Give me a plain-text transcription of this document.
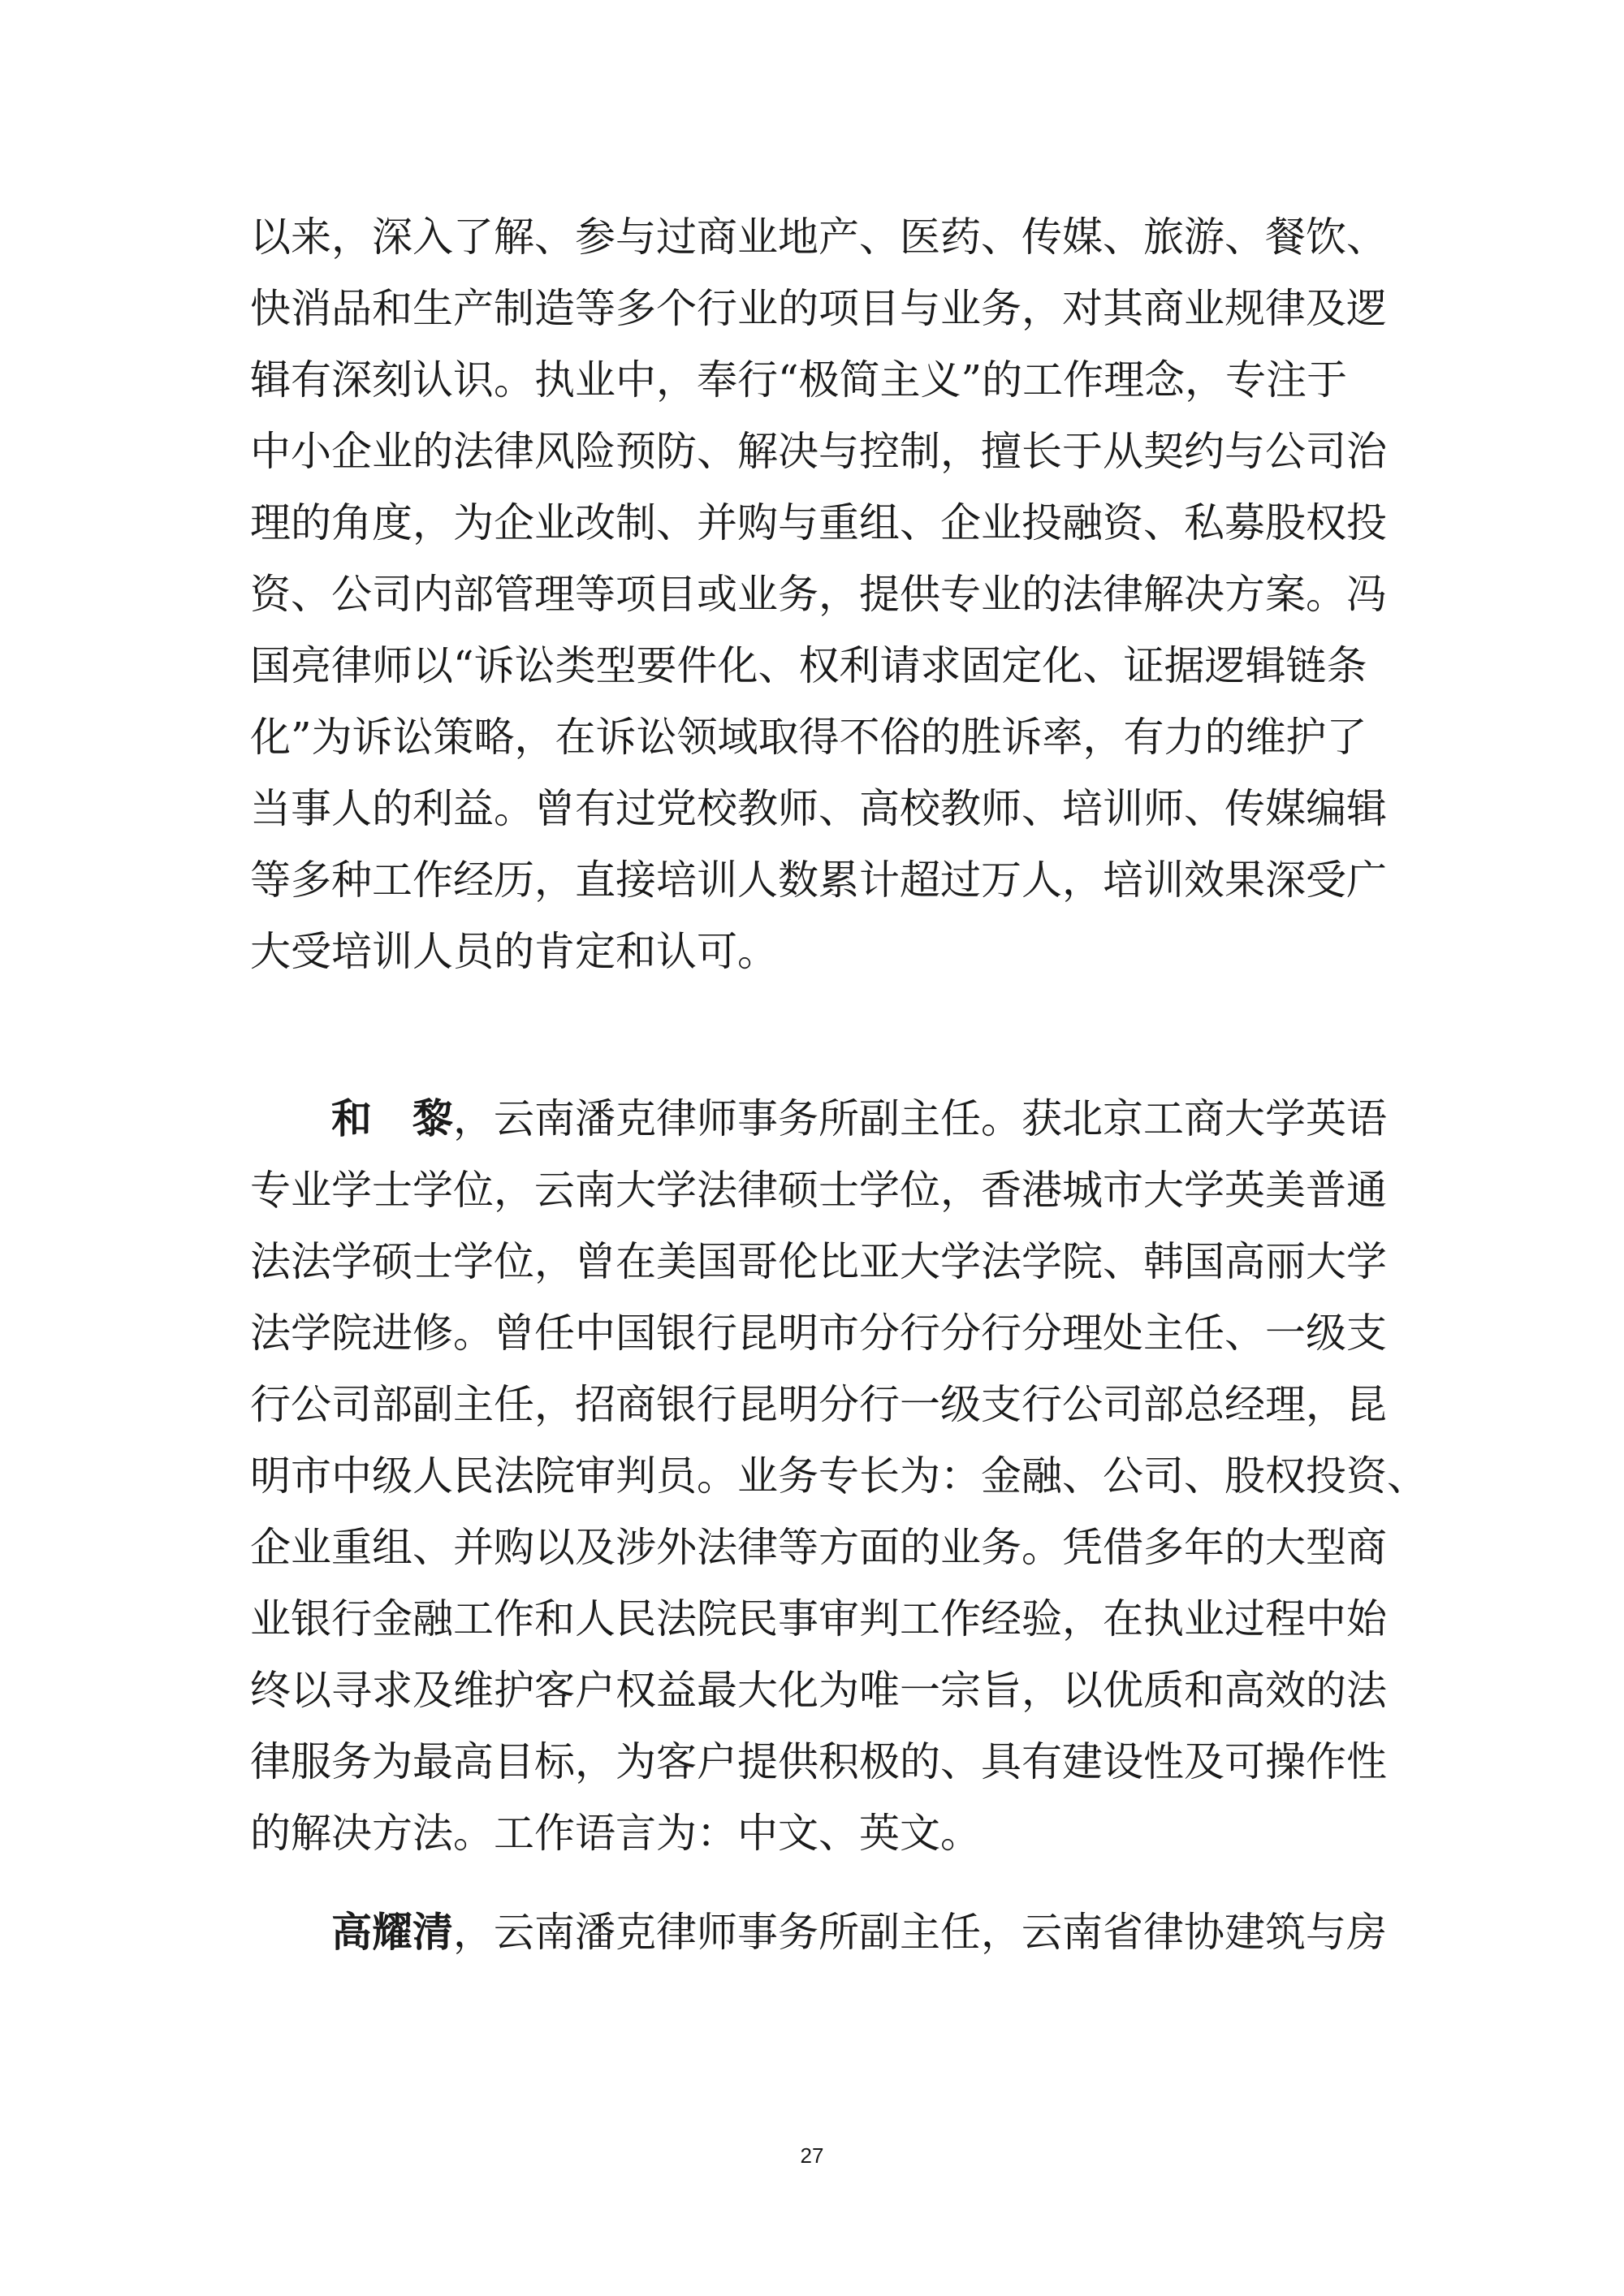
以来，深入了解、参与过商业地产、医药、传媒、旅游、餐饮、
快消品和生产制造等多个行业的项目与业务，对其商业规律及逻
辑有深刻认识。执业中，奉行“极简主义”的工作理念，专注于
中小企业的法律风险预防、解决与控制，擅长于从契约与公司治
理的角度，为企业改制、并购与重组、企业投融资、私募股权投
资、公司内部管理等项目或业务，提供专业的法律解决方案。冯
国亮律师以“诉讼类型要件化、权利请求固定化、证据逻辑链条
化”为诉讼策略，在诉讼领域取得不俗的胜诉率，有力的维护了
当事人的利益。曾有过党校教师、高校教师、培训师、传媒编辑
等多种工作经历，直接培训人数累计超过万人，培训效果深受广
大受培训人员的肯定和认可。
和　黎，云南潘克律师事务所副主任。获北京工商大学英语
专业学士学位，云南大学法律硕士学位，香港城市大学英美普通
法法学硕士学位，曾在美国哥伦比亚大学法学院、韩国高丽大学
法学院进修。曾任中国银行昆明市分行分行分理处主任、一级支
行公司部副主任，招商银行昆明分行一级支行公司部总经理，昆
明市中级人民法院审判员。业务专长为：金融、公司、股权投资、
企业重组、并购以及涉外法律等方面的业务。凭借多年的大型商
业银行金融工作和人民法院民事审判工作经验，在执业过程中始
终以寻求及维护客户权益最大化为唯一宗旨，以优质和高效的法
律服务为最高目标，为客户提供积极的、具有建设性及可操作性
的解决方法。工作语言为：中文、英文。
高耀清，云南潘克律师事务所副主任，云南省律协建筑与房
27
